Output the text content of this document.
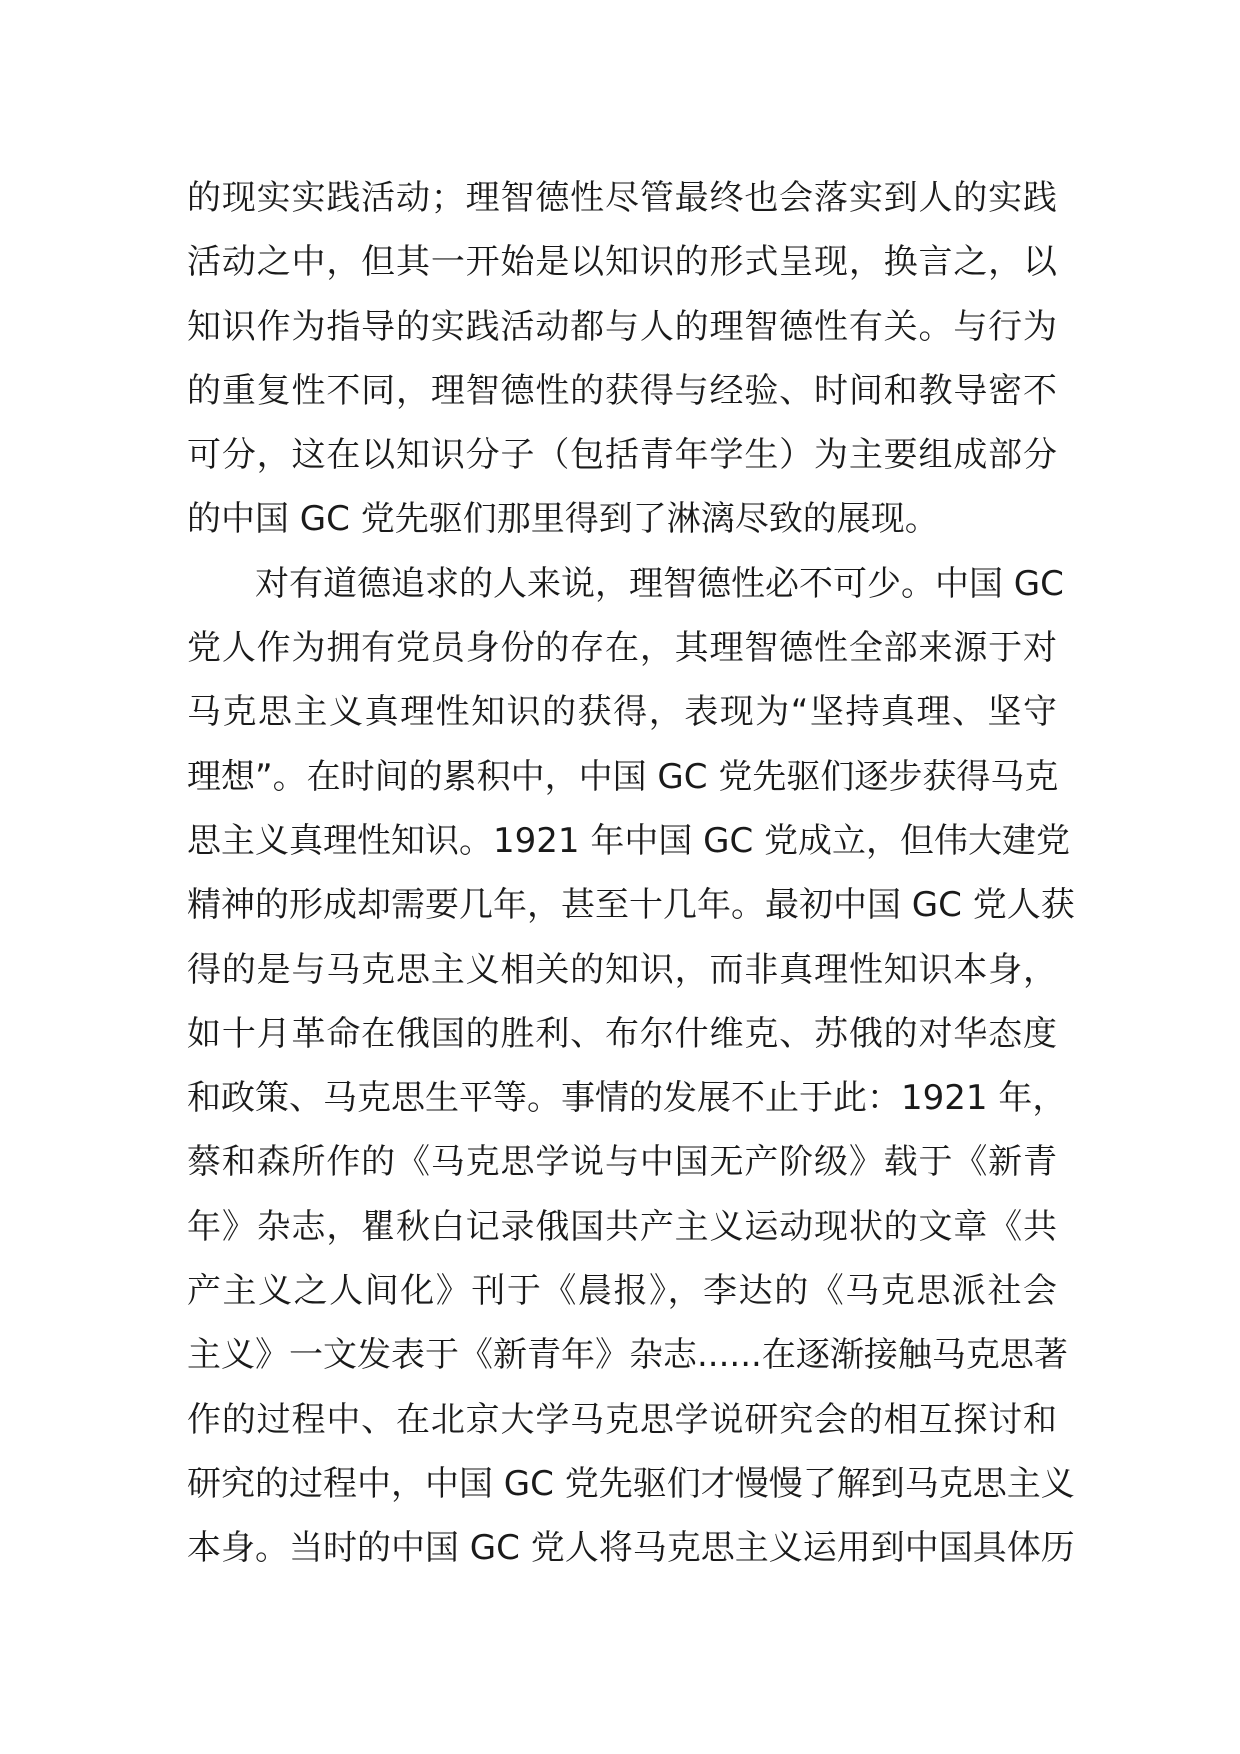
的现实实践活动；理智德性尽管最终也会落实到人的实践
活动之中，但其一开始是以知识的形式呈现，换言之，以
知识作为指导的实践活动都与人的理智德性有关。与行为
的重复性不同，理智德性的获得与经验、时间和教导密不
可分，这在以知识分子（包括青年学生）为主要组成部分
的中国 GC 党先驱们那里得到了淋漓尽致的展现。
对有道德追求的人来说，理智德性必不可少。中国 GC
党人作为拥有党员身份的存在，其理智德性全部来源于对
马克思主义真理性知识的获得，表现为“坚持真理、坚守
理想”。在时间的累积中，中国 GC 党先驱们逐步获得马克
思主义真理性知识。1921 年中国 GC 党成立，但伟大建党
精神的形成却需要几年，甚至十几年。最初中国 GC 党人获
得的是与马克思主义相关的知识，而非真理性知识本身，
如十月革命在俄国的胜利、布尔什维克、苏俄的对华态度
和政策、马克思生平等。事情的发展不止于此：1921 年，
蔡和森所作的《马克思学说与中国无产阶级》载于《新青
年》杂志，瞿秋白记录俄国共产主义运动现状的文章《共
产主义之人间化》刊于《晨报》，李达的《马克思派社会
主义》一文发表于《新青年》杂志......在逐渐接触马克思著
作的过程中、在北京大学马克思学说研究会的相互探讨和
研究的过程中，中国 GC 党先驱们才慢慢了解到马克思主义
本身。当时的中国 GC 党人将马克思主义运用到中国具体历
